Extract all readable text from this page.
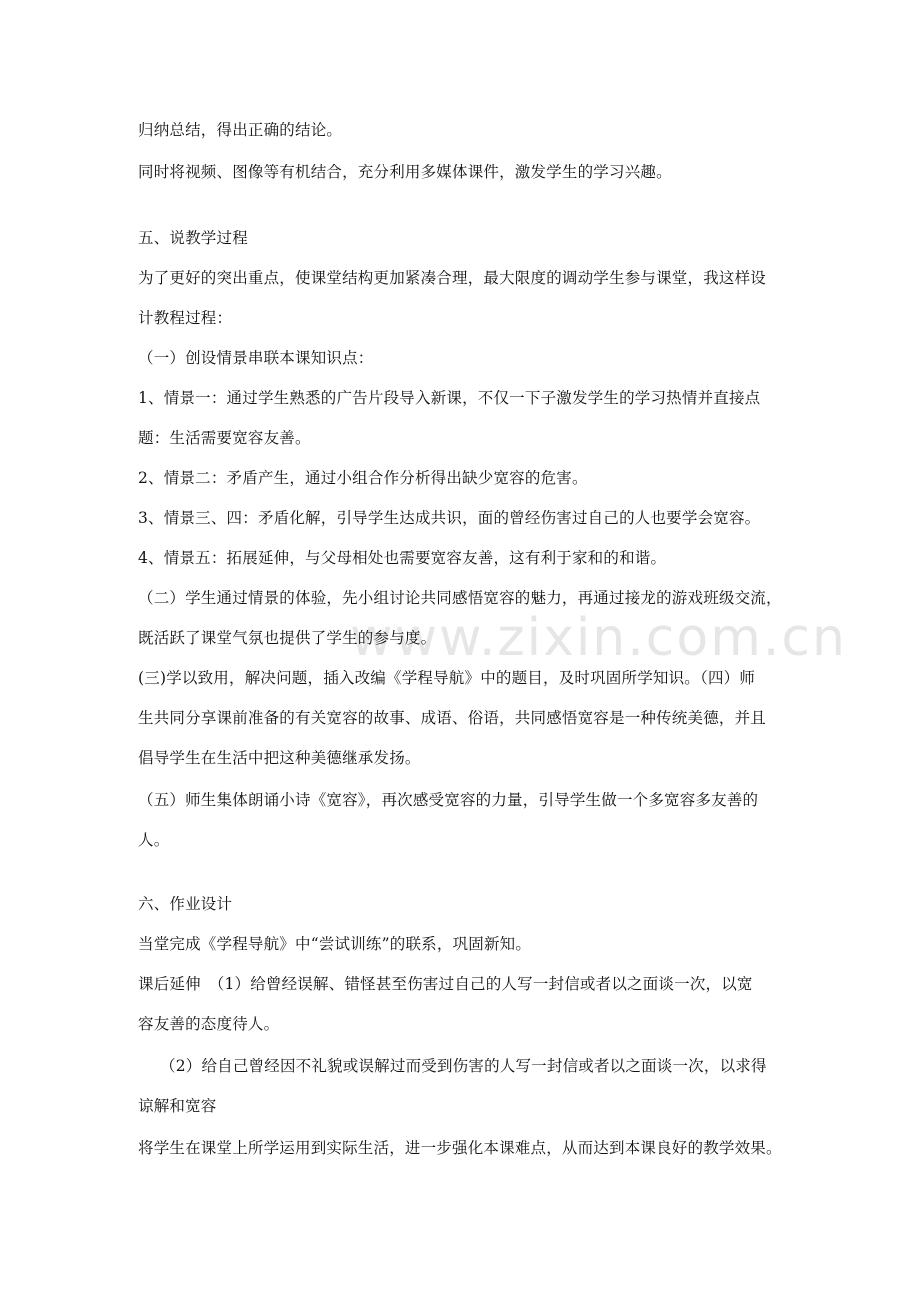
www.zixin.com.cn
归纳总结，得出正确的结论。
同时将视频、图像等有机结合，充分利用多媒体课件，激发学生的学习兴趣。
五、说教学过程
为了更好的突出重点，使课堂结构更加紧凑合理，最大限度的调动学生参与课堂，我这样设
计教程过程：
（一）创设情景串联本课知识点：
1、情景一：通过学生熟悉的广告片段导入新课，不仅一下子激发学生的学习热情并直接点
题：生活需要宽容友善。
2、情景二：矛盾产生，通过小组合作分析得出缺少宽容的危害。
3、情景三、四：矛盾化解，引导学生达成共识，面的曾经伤害过自己的人也要学会宽容。
4、情景五：拓展延伸，与父母相处也需要宽容友善，这有利于家和的和谐。
（二）学生通过情景的体验，先小组讨论共同感悟宽容的魅力，再通过接龙的游戏班级交流，
既活跃了课堂气氛也提供了学生的参与度。
(三)学以致用，解决问题，插入改编《学程导航》中的题目，及时巩固所学知识。（四）师
生共同分享课前准备的有关宽容的故事、成语、俗语，共同感悟宽容是一种传统美德，并且
倡导学生在生活中把这种美德继承发扬。
（五）师生集体朗诵小诗《宽容》，再次感受宽容的力量，引导学生做一个多宽容多友善的
人。
六、作业设计
当堂完成《学程导航》中“尝试训练”的联系，巩固新知。
课后延伸　（1）给曾经误解、错怪甚至伤害过自己的人写一封信或者以之面谈一次，以宽
容友善的态度待人。
（2）给自己曾经因不礼貌或误解过而受到伤害的人写一封信或者以之面谈一次，以求得
谅解和宽容
将学生在课堂上所学运用到实际生活，进一步强化本课难点，从而达到本课良好的教学效果。
